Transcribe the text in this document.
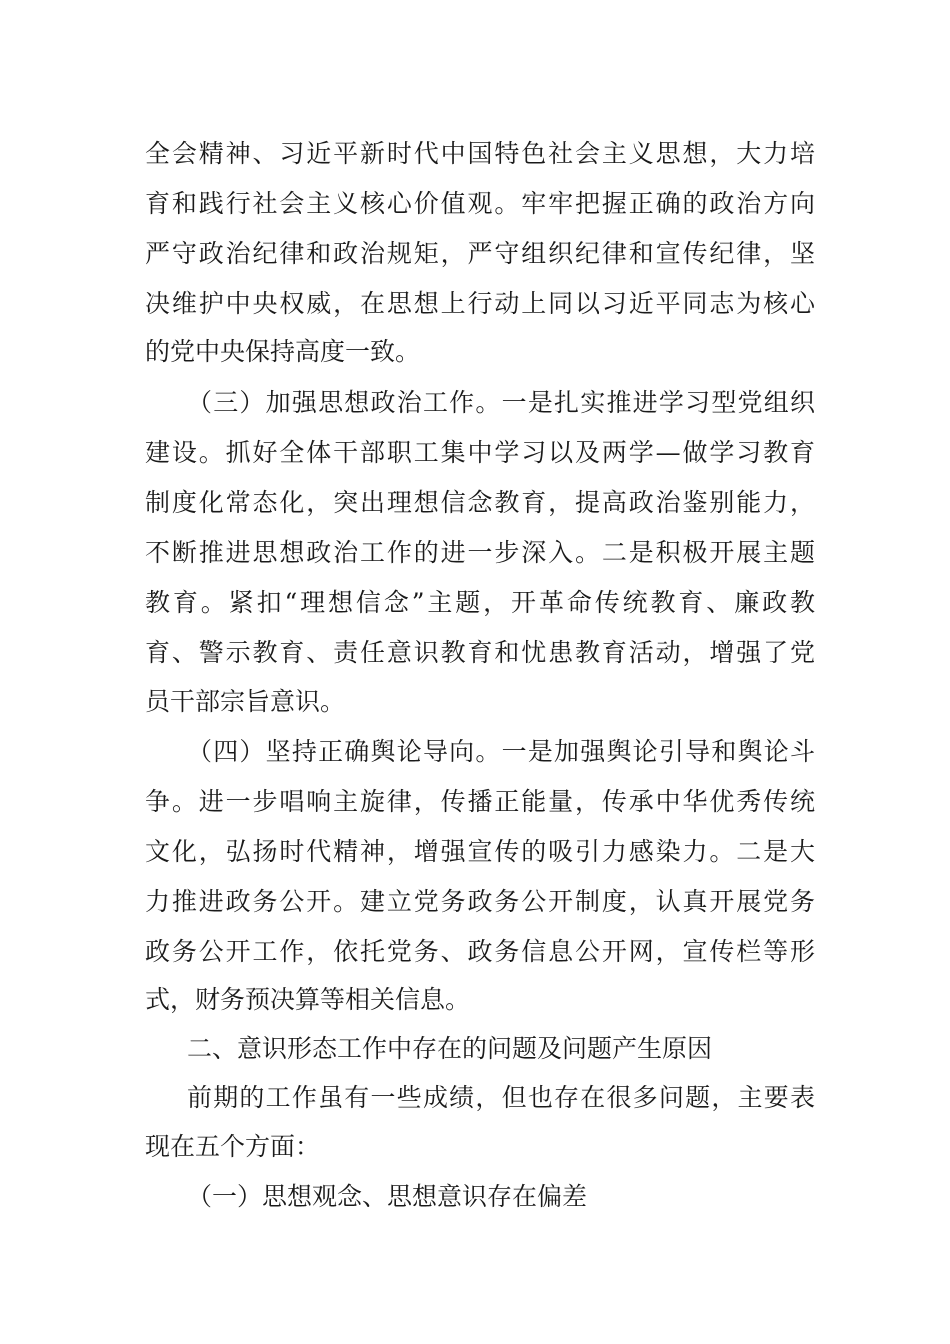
全会精神、习近平新时代中国特色社会主义思想，大力培
育和践行社会主义核心价值观。牢牢把握正确的政治方向
严守政治纪律和政治规矩，严守组织纪律和宣传纪律，坚
决维护中央权威，在思想上行动上同以习近平同志为核心
的党中央保持高度一致。
（三）加强思想政治工作。一是扎实推进学习型党组织
建设。抓好全体干部职工集中学习以及两学—做学习教育
制度化常态化，突出理想信念教育，提高政治鉴别能力，
不断推进思想政治工作的进一步深入。二是积极开展主题
教育。紧扣“理想信念”主题，开革命传统教育、廉政教
育、警示教育、责任意识教育和忧患教育活动，增强了党
员干部宗旨意识。
（四）坚持正确舆论导向。一是加强舆论引导和舆论斗
争。进一步唱响主旋律，传播正能量，传承中华优秀传统
文化，弘扬时代精神，增强宣传的吸引力感染力。二是大
力推进政务公开。建立党务政务公开制度，认真开展党务
政务公开工作，依托党务、政务信息公开网，宣传栏等形
式，财务预决算等相关信息。
二、意识形态工作中存在的问题及问题产生原因
前期的工作虽有一些成绩，但也存在很多问题，主要表
现在五个方面：
（一）思想观念、思想意识存在偏差
